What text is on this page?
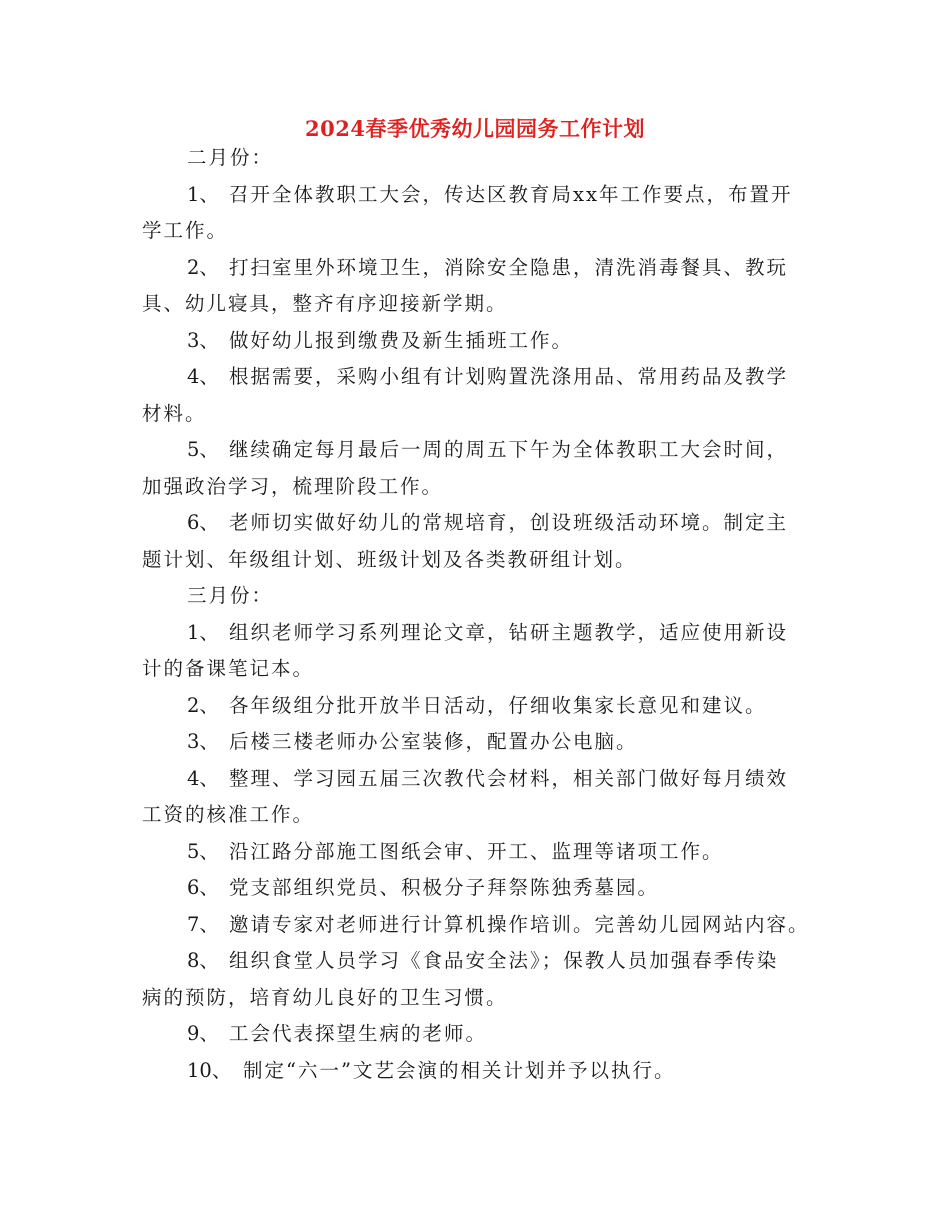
2024春季优秀幼儿园园务工作计划
二月份：
1、 召开全体教职工大会，传达区教育局xx年工作要点，布置开
学工作。
2、 打扫室里外环境卫生，消除安全隐患，清洗消毒餐具、教玩
具、幼儿寝具，整齐有序迎接新学期。
3、 做好幼儿报到缴费及新生插班工作。
4、 根据需要，采购小组有计划购置洗涤用品、常用药品及教学
材料。
5、 继续确定每月最后一周的周五下午为全体教职工大会时间，
加强政治学习，梳理阶段工作。
6、 老师切实做好幼儿的常规培育，创设班级活动环境。制定主
题计划、年级组计划、班级计划及各类教研组计划。
三月份：
1、 组织老师学习系列理论文章，钻研主题教学，适应使用新设
计的备课笔记本。
2、 各年级组分批开放半日活动，仔细收集家长意见和建议。
3、 后楼三楼老师办公室装修，配置办公电脑。
4、 整理、学习园五届三次教代会材料，相关部门做好每月绩效
工资的核准工作。
5、 沿江路分部施工图纸会审、开工、监理等诸项工作。
6、 党支部组织党员、积极分子拜祭陈独秀墓园。
7、 邀请专家对老师进行计算机操作培训。完善幼儿园网站内容。
8、 组织食堂人员学习《食品安全法》；保教人员加强春季传染
病的预防，培育幼儿良好的卫生习惯。
9、 工会代表探望生病的老师。
10、 制定“六一”文艺会演的相关计划并予以执行。
